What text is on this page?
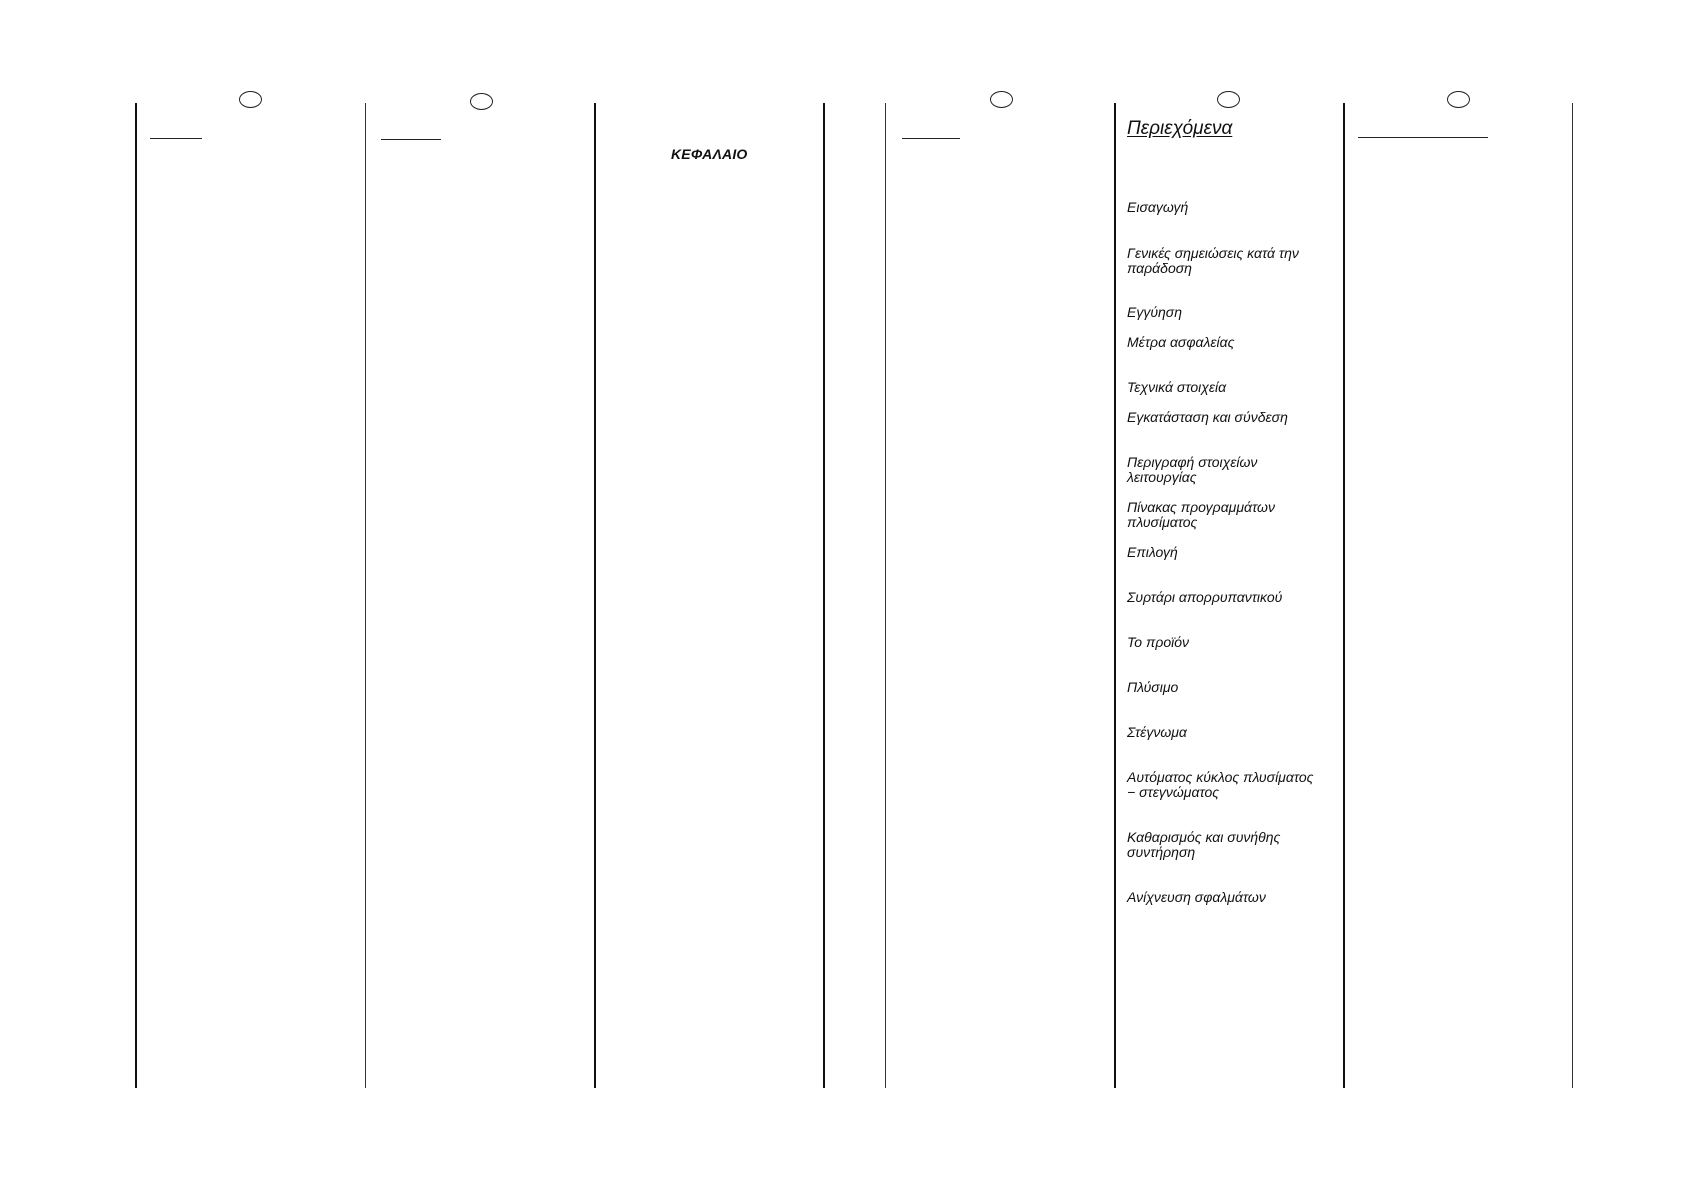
ΚΕΦΑΛΑΙΟ
Περιεχόμενα
Εισαγωγή
Γενικές σημειώσεις κατά την
παράδοση
Εγγύηση
Μέτρα ασφαλείας
Τεχνικά στοιχεία
Εγκατάσταση και σύνδεση
Περιγραφή στοιχείων
λειτουργίας
Πίνακας προγραμμάτων
πλυσίματος
Επιλογή
Συρτάρι απορρυπαντικού
Το προϊόν
Πλύσιμο
Στέγνωμα
Αυτόματος κύκλος πλυσίματος
− στεγνώματος
Καθαρισμός και συνήθης
συντήρηση
Ανίχνευση σφαλμάτων
